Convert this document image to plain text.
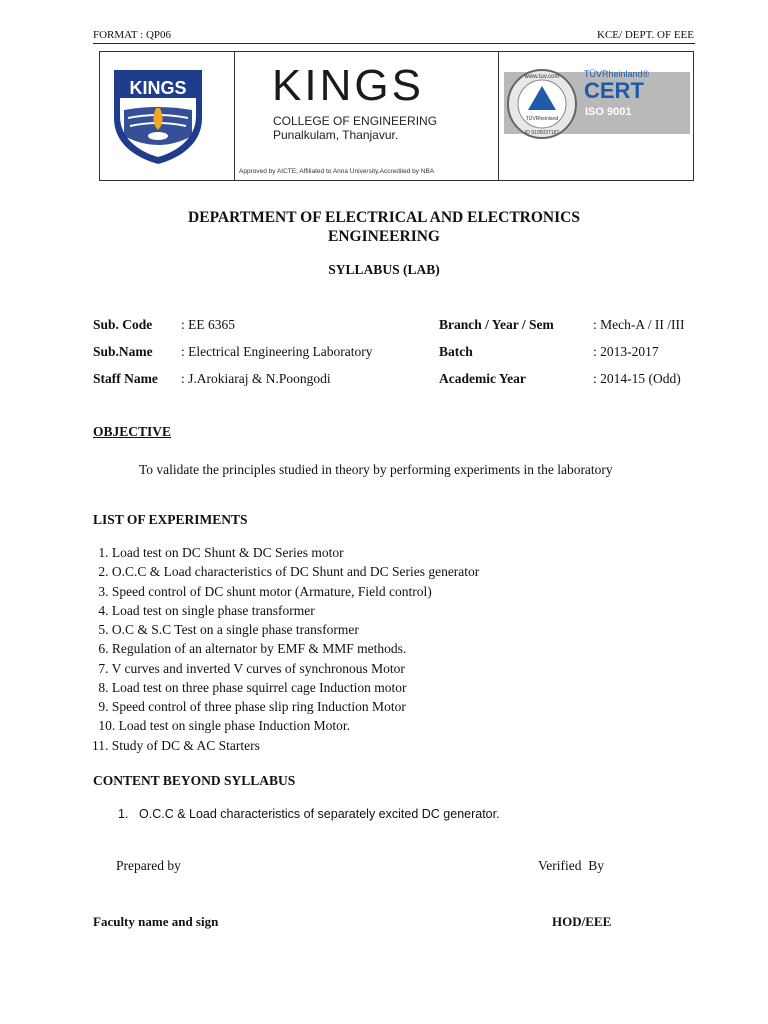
FORMAT : QP06	KCE/ DEPT. OF EEE
KINGS KINGS
COLLEGE OF ENGINEERING
Punalkulam, Thanjavur.
Approved by AICTE, Affiliated to Anna University,Accredited by NBA
www.tuv.com
TÜVRheinland
ID 9105037187
TÜVRheinland®
CERT
ISO 9001
DEPARTMENT OF ELECTRICAL AND ELECTRONICS
ENGINEERING
SYLLABUS (LAB)
Sub. Code : EE 6365	Branch / Year / Sem	: Mech-A / II /III
Sub.Name : Electrical Engineering Laboratory	Batch	: 2013-2017
Staff Name : J.Arokiaraj & N.Poongodi	Academic Year	: 2014-15 (Odd)
OBJECTIVE
To validate the principles studied in theory by performing experiments in the laboratory
LIST OF EXPERIMENTS
1. Load test on DC Shunt & DC Series motor
2. O.C.C & Load characteristics of DC Shunt and DC Series generator
3. Speed control of DC shunt motor (Armature, Field control)
4. Load test on single phase transformer
5. O.C & S.C Test on a single phase transformer
6. Regulation of an alternator by EMF & MMF methods.
7. V curves and inverted V curves of synchronous Motor
8. Load test on three phase squirrel cage Induction motor
9. Speed control of three phase slip ring Induction Motor
10. Load test on single phase Induction Motor.
11. Study of DC & AC Starters
CONTENT BEYOND SYLLABUS
1. O.C.C & Load characteristics of separately excited DC generator.
Prepared by	Verified  By
Faculty name and sign	HOD/EEE
